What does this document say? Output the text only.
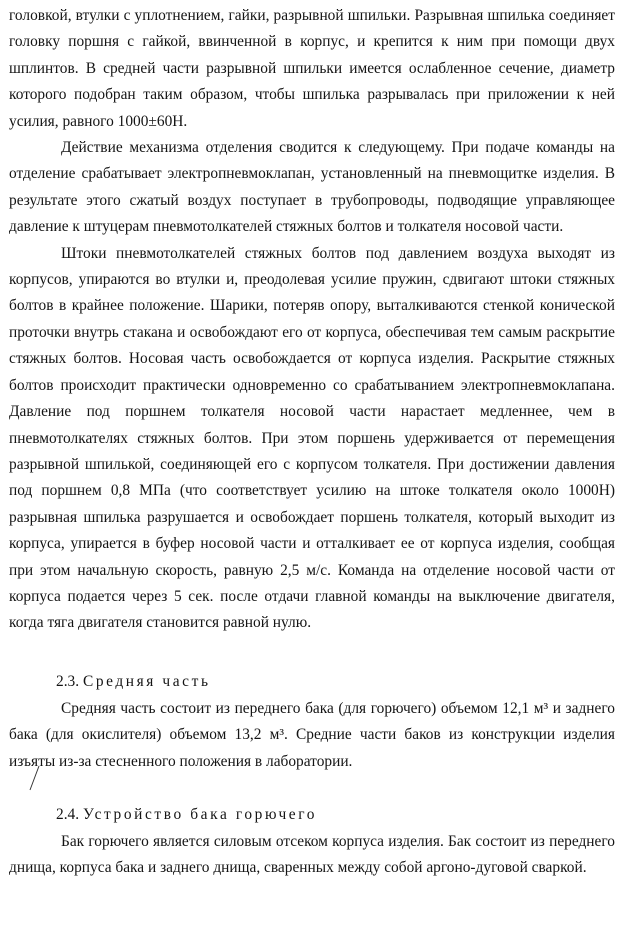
головкой, втулки с уплотнением, гайки, разрывной шпильки. Разрывная шпилька соединяет головку поршня с гайкой, ввинченной в корпус, и крепится к ним при помощи двух шплинтов. В средней части разрывной шпильки имеется ослабленное сечение, диаметр которого подобран таким образом, чтобы шпилька разрывалась при приложении к ней усилия, равного 1000±60Н.

Действие механизма отделения сводится к следующему. При подаче команды на отделение срабатывает электропневмоклапан, установленный на пневмощитке изделия. В результате этого сжатый воздух поступает в трубопроводы, подводящие управляющее давление к штуцерам пневмотолкателей стяжных болтов и толкателя носовой части.

Штоки пневмотолкателей стяжных болтов под давлением воздуха выходят из корпусов, упираются во втулки и, преодолевая усилие пружин, сдвигают штоки стяжных болтов в крайнее положение. Шарики, потеряв опору, выталкиваются стенкой конической проточки внутрь стакана и освобождают его от корпуса, обеспечивая тем самым раскрытие стяжных болтов. Носовая часть освобождается от корпуса изделия. Раскрытие стяжных болтов происходит практически одновременно со срабатыванием электропневмоклапана. Давление под поршнем толкателя носовой части нарастает медленнее, чем в пневмотолкателях стяжных болтов. При этом поршень удерживается от перемещения разрывной шпилькой, соединяющей его с корпусом толкателя. При достижении давления под поршнем 0,8 МПа (что соответствует усилию на штоке толкателя около 1000Н) разрывная шпилька разрушается и освобождает поршень толкателя, который выходит из корпуса, упирается в буфер носовой части и отталкивает ее от корпуса изделия, сообщая при этом начальную скорость, равную 2,5 м/с. Команда на отделение носовой части от корпуса подается через 5 сек. после отдачи главной команды на выключение двигателя, когда тяга двигателя становится равной нулю.

2.3. Средняя часть

Средняя часть состоит из переднего бака (для горючего) объемом 12,1 м³ и заднего бака (для окислителя) объемом 13,2 м³. Средние части баков из конструкции изделия изъяты из-за стесненного положения в лаборатории.

2.4. Устройство бака горючего

Бак горючего является силовым отсеком корпуса изделия. Бак состоит из переднего днища, корпуса бака и заднего днища, сваренных между собой аргоно-дуговой сваркой.
